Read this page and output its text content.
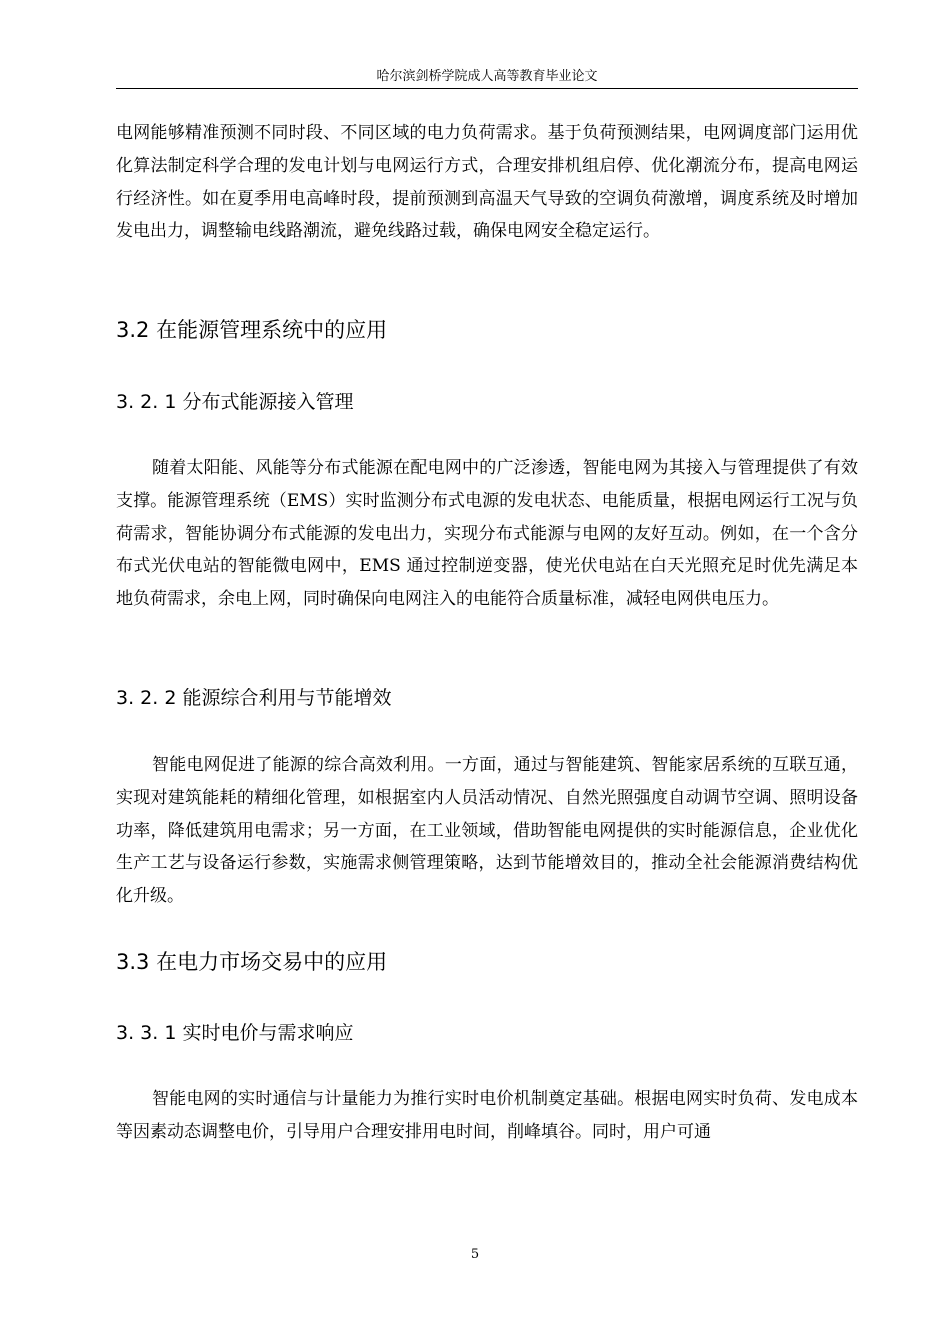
哈尔滨剑桥学院成人高等教育毕业论文

电网能够精准预测不同时段、不同区域的电力负荷需求。基于负荷预测结果，电网调度部门运用优化算法制定科学合理的发电计划与电网运行方式，合理安排机组启停、优化潮流分布，提高电网运行经济性。如在夏季用电高峰时段，提前预测到高温天气导致的空调负荷激增，调度系统及时增加发电出力，调整输电线路潮流，避免线路过载，确保电网安全稳定运行。

3.2 在能源管理系统中的应用
3. 2. 1 分布式能源接入管理

随着太阳能、风能等分布式能源在配电网中的广泛渗透，智能电网为其接入与管理提供了有效支撑。能源管理系统（EMS）实时监测分布式电源的发电状态、电能质量，根据电网运行工况与负荷需求，智能协调分布式能源的发电出力，实现分布式能源与电网的友好互动。例如，在一个含分布式光伏电站的智能微电网中，EMS 通过控制逆变器，使光伏电站在白天光照充足时优先满足本地负荷需求，余电上网，同时确保向电网注入的电能符合质量标准，减轻电网供电压力。

3. 2. 2 能源综合利用与节能增效

智能电网促进了能源的综合高效利用。一方面，通过与智能建筑、智能家居系统的互联互通，实现对建筑能耗的精细化管理，如根据室内人员活动情况、自然光照强度自动调节空调、照明设备功率，降低建筑用电需求；另一方面，在工业领域，借助智能电网提供的实时能源信息，企业优化生产工艺与设备运行参数，实施需求侧管理策略，达到节能增效目的，推动全社会能源消费结构优化升级。

3.3 在电力市场交易中的应用
3. 3. 1 实时电价与需求响应

智能电网的实时通信与计量能力为推行实时电价机制奠定基础。根据电网实时负荷、发电成本等因素动态调整电价，引导用户合理安排用电时间，削峰填谷。同时，用户可通

5
